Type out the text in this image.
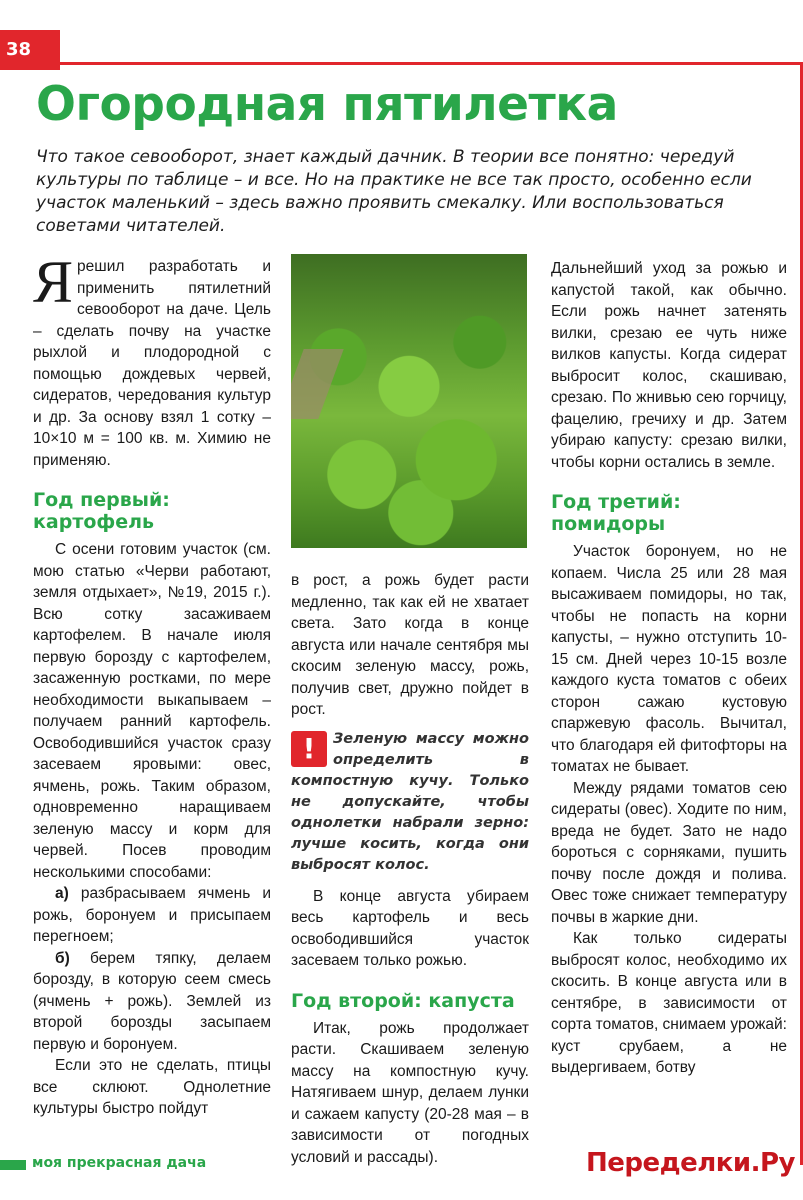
38
Огородная пятилетка

Что такое севооборот, знает каждый дачник. В теории все понятно: чередуй культуры по таблице – и все. Но на практике не все так просто, особенно если участок маленький – здесь важно проявить смекалку. Или воспользоваться советами читателей.

Ярешил разработать и применить пятилетний севооборот на даче. Цель – сделать почву на участке рыхлой и плодородной с помощью дождевых червей, сидератов, чередования культур и др. За основу взял 1 сотку – 10×10 м = 100 кв. м. Химию не применяю.

Год первый: картофель

С осени готовим участок (см. мою статью «Черви работают, земля отдыхает», №19, 2015 г.). Всю сотку засаживаем картофелем. В начале июля первую борозду с картофелем, засаженную ростками, по мере необходимости выкапываем – получаем ранний картофель. Освободившийся участок сразу засеваем яровыми: овес, ячмень, рожь. Таким образом, одновременно наращиваем зеленую массу и корм для червей. Посев проводим несколькими способами:

а) разбрасываем ячмень и рожь, боронуем и присыпаем перегноем;

б) берем тяпку, делаем борозду, в которую сеем смесь (ячмень + рожь). Землей из второй борозды засыпаем первую и боронуем.

Если это не сделать, птицы все склюют. Однолетние культуры быстро пойдут

в рост, а рожь будет расти медленно, так как ей не хватает света. Зато когда в конце августа или начале сентября мы скосим зеленую массу, рожь, получив свет, дружно пойдет в рост.

!	Зеленую массу можно определить в компостную кучу. Только не допускайте, чтобы однолетки набрали зерно: лучше косить, когда они выбросят колос.

В конце августа убираем весь картофель и весь освободившийся участок засеваем только рожью.

Год второй: капуста

Итак, рожь продолжает расти. Скашиваем зеленую массу на компостную кучу. Натягиваем шнур, делаем лунки и сажаем капусту (20-28 мая – в зависимости от погодных условий и рассады).

Дальнейший уход за рожью и капустой такой, как обычно. Если рожь начнет затенять вилки, срезаю ее чуть ниже вилков капусты. Когда сидерат выбросит колос, скашиваю, срезаю. По жнивью сею горчицу, фацелию, гречиху и др. Затем убираю капусту: срезаю вилки, чтобы корни остались в земле.

Год третий: помидоры

Участок боронуем, но не копаем. Числа 25 или 28 мая высаживаем помидоры, но так, чтобы не попасть на корни капусты, – нужно отступить 10-15 см. Дней через 10-15 возле каждого куста томатов с обеих сторон сажаю кустовую спаржевую фасоль. Вычитал, что благодаря ей фитофторы на томатах не бывает.

Между рядами томатов сею сидераты (овес). Ходите по ним, вреда не будет. Зато не надо бороться с сорняками, пушить почву после дождя и полива. Овес тоже снижает температуру почвы в жаркие дни.

Как только сидераты выбросят колос, необходимо их скосить. В конце августа или в сентябре, в зависимости от сорта томатов, снимаем урожай: куст срубаем, а не выдергиваем, ботву

моя прекрасная дача	Переделки.Ру
